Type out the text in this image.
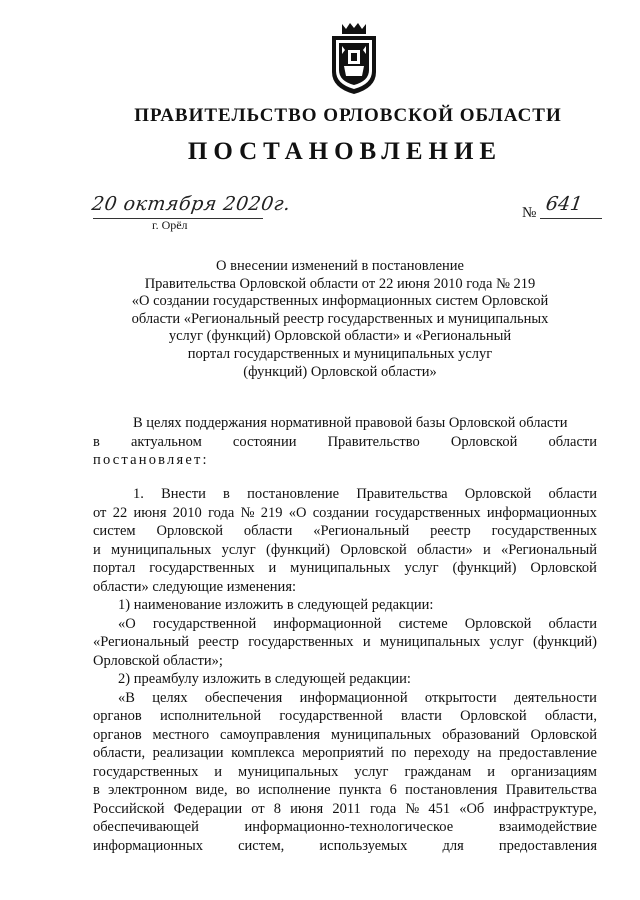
ПРАВИТЕЛЬСТВО ОРЛОВСКОЙ ОБЛАСТИ
ПОСТАНОВЛЕНИЕ
20 октября 2020г.
г. Орёл
№ 641
О внесении изменений в постановление
Правительства Орловской области от 22 июня 2010 года № 219
«О создании государственных информационных систем Орловской
области «Региональный реестр государственных и муниципальных
услуг (функций) Орловской области» и «Региональный
портал государственных и муниципальных услуг
(функций) Орловской области»
В целях поддержания нормативной правовой базы Орловской области
в актуальном состоянии Правительство Орловской области
постановляет:
1. Внести в постановление Правительства Орловской области
от 22 июня 2010 года № 219 «О создании государственных информационных
систем Орловской области «Региональный реестр государственных
и муниципальных услуг (функций) Орловской области» и «Региональный
портал государственных и муниципальных услуг (функций) Орловской
области» следующие изменения:
1) наименование изложить в следующей редакции:
«О государственной информационной системе Орловской области
«Региональный реестр государственных и муниципальных услуг (функций)
Орловской области»;
2) преамбулу изложить в следующей редакции:
«В целях обеспечения информационной открытости деятельности
органов исполнительной государственной власти Орловской области,
органов местного самоуправления муниципальных образований Орловской
области, реализации комплекса мероприятий по переходу на предоставление
государственных и муниципальных услуг гражданам и организациям
в электронном виде, во исполнение пункта 6 постановления Правительства
Российской Федерации от 8 июня 2011 года № 451 «Об инфраструктуре,
обеспечивающей	информационно-технологическое	взаимодействие
информационных систем, используемых для предоставления
